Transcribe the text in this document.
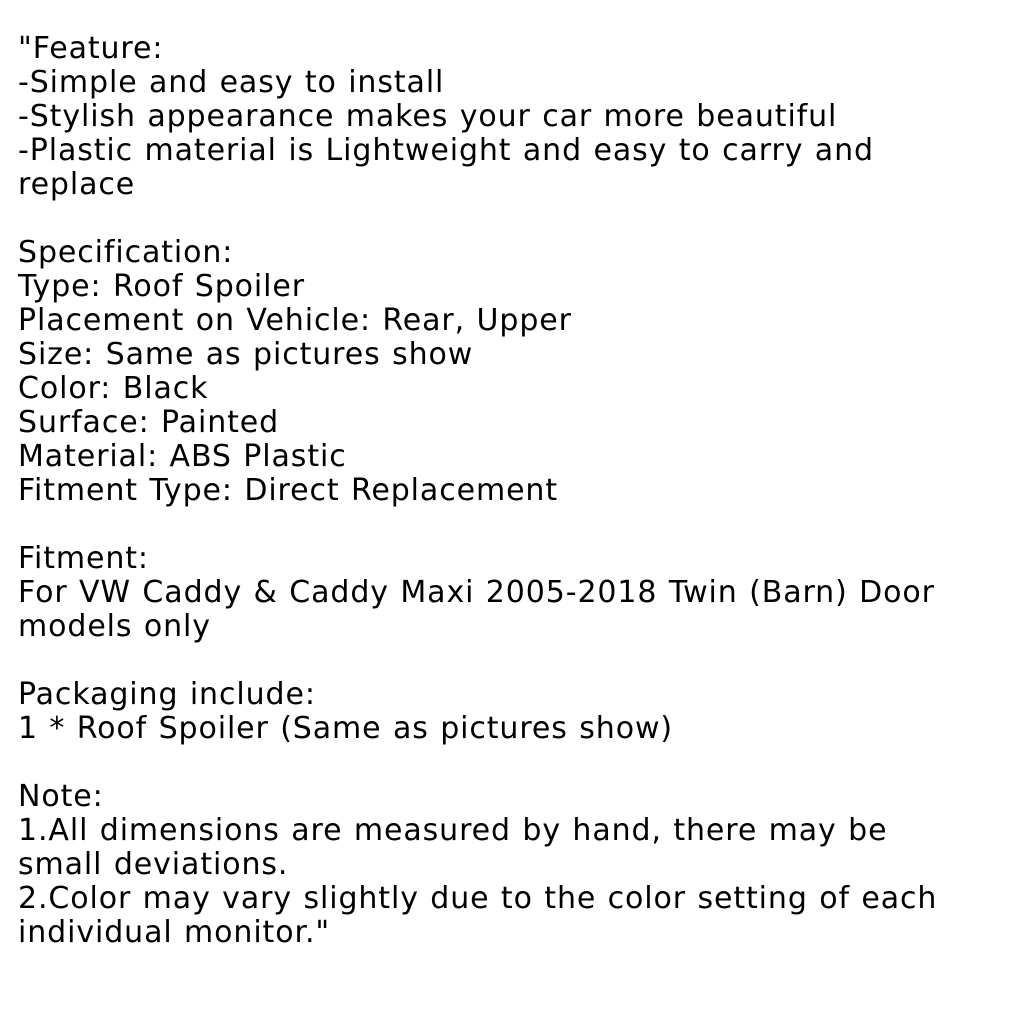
"Feature:
-Simple and easy to install
-Stylish appearance makes your car more beautiful
-Plastic material is Lightweight and easy to carry and
replace
Specification:
Type: Roof Spoiler
Placement on Vehicle: Rear, Upper
Size: Same as pictures show
Color: Black
Surface: Painted
Material: ABS Plastic
Fitment Type: Direct Replacement
Fitment:
For VW Caddy & Caddy Maxi 2005-2018 Twin (Barn) Door
models only
Packaging include:
1 * Roof Spoiler (Same as pictures show)
Note:
1.All dimensions are measured by hand, there may be
small deviations.
2.Color may vary slightly due to the color setting of each
individual monitor."
